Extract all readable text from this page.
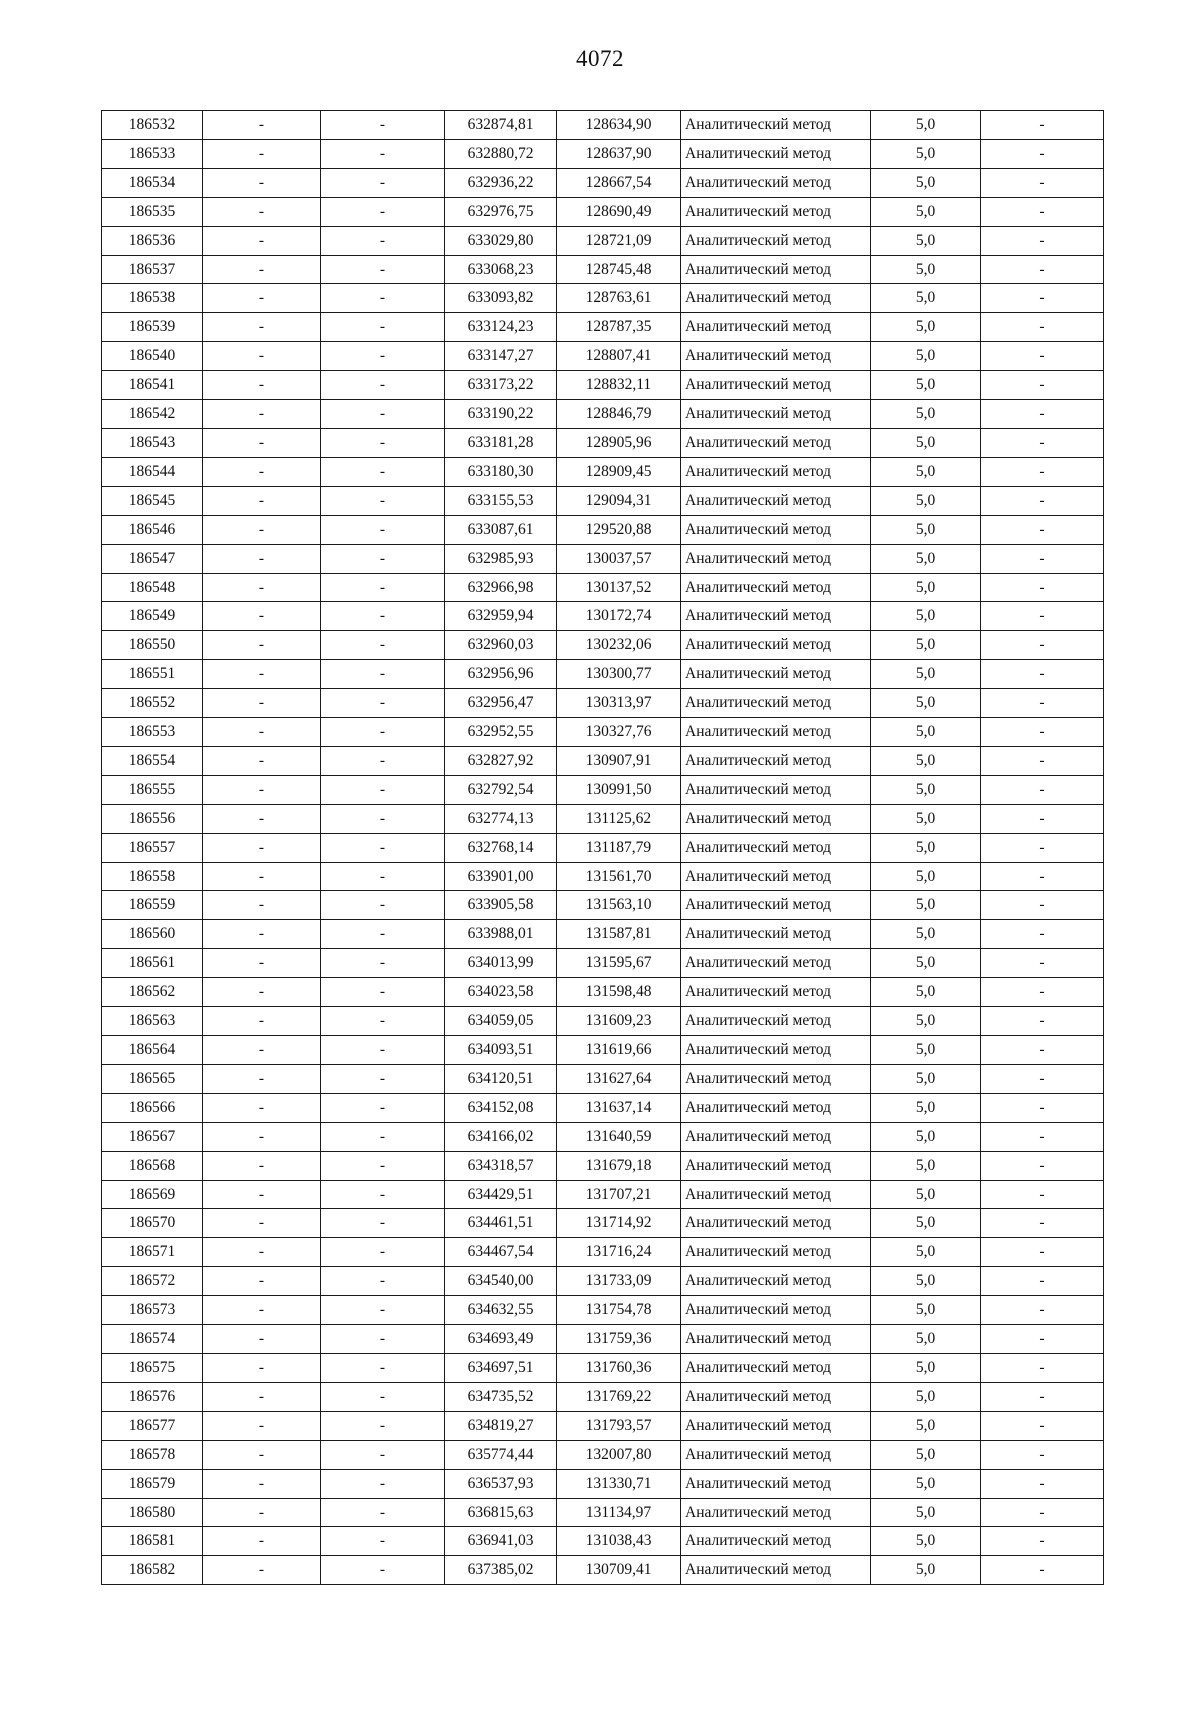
4072
186532	-	-	632874,81	128634,90	Аналитический метод	5,0	-
186533	-	-	632880,72	128637,90	Аналитический метод	5,0	-
186534	-	-	632936,22	128667,54	Аналитический метод	5,0	-
186535	-	-	632976,75	128690,49	Аналитический метод	5,0	-
186536	-	-	633029,80	128721,09	Аналитический метод	5,0	-
186537	-	-	633068,23	128745,48	Аналитический метод	5,0	-
186538	-	-	633093,82	128763,61	Аналитический метод	5,0	-
186539	-	-	633124,23	128787,35	Аналитический метод	5,0	-
186540	-	-	633147,27	128807,41	Аналитический метод	5,0	-
186541	-	-	633173,22	128832,11	Аналитический метод	5,0	-
186542	-	-	633190,22	128846,79	Аналитический метод	5,0	-
186543	-	-	633181,28	128905,96	Аналитический метод	5,0	-
186544	-	-	633180,30	128909,45	Аналитический метод	5,0	-
186545	-	-	633155,53	129094,31	Аналитический метод	5,0	-
186546	-	-	633087,61	129520,88	Аналитический метод	5,0	-
186547	-	-	632985,93	130037,57	Аналитический метод	5,0	-
186548	-	-	632966,98	130137,52	Аналитический метод	5,0	-
186549	-	-	632959,94	130172,74	Аналитический метод	5,0	-
186550	-	-	632960,03	130232,06	Аналитический метод	5,0	-
186551	-	-	632956,96	130300,77	Аналитический метод	5,0	-
186552	-	-	632956,47	130313,97	Аналитический метод	5,0	-
186553	-	-	632952,55	130327,76	Аналитический метод	5,0	-
186554	-	-	632827,92	130907,91	Аналитический метод	5,0	-
186555	-	-	632792,54	130991,50	Аналитический метод	5,0	-
186556	-	-	632774,13	131125,62	Аналитический метод	5,0	-
186557	-	-	632768,14	131187,79	Аналитический метод	5,0	-
186558	-	-	633901,00	131561,70	Аналитический метод	5,0	-
186559	-	-	633905,58	131563,10	Аналитический метод	5,0	-
186560	-	-	633988,01	131587,81	Аналитический метод	5,0	-
186561	-	-	634013,99	131595,67	Аналитический метод	5,0	-
186562	-	-	634023,58	131598,48	Аналитический метод	5,0	-
186563	-	-	634059,05	131609,23	Аналитический метод	5,0	-
186564	-	-	634093,51	131619,66	Аналитический метод	5,0	-
186565	-	-	634120,51	131627,64	Аналитический метод	5,0	-
186566	-	-	634152,08	131637,14	Аналитический метод	5,0	-
186567	-	-	634166,02	131640,59	Аналитический метод	5,0	-
186568	-	-	634318,57	131679,18	Аналитический метод	5,0	-
186569	-	-	634429,51	131707,21	Аналитический метод	5,0	-
186570	-	-	634461,51	131714,92	Аналитический метод	5,0	-
186571	-	-	634467,54	131716,24	Аналитический метод	5,0	-
186572	-	-	634540,00	131733,09	Аналитический метод	5,0	-
186573	-	-	634632,55	131754,78	Аналитический метод	5,0	-
186574	-	-	634693,49	131759,36	Аналитический метод	5,0	-
186575	-	-	634697,51	131760,36	Аналитический метод	5,0	-
186576	-	-	634735,52	131769,22	Аналитический метод	5,0	-
186577	-	-	634819,27	131793,57	Аналитический метод	5,0	-
186578	-	-	635774,44	132007,80	Аналитический метод	5,0	-
186579	-	-	636537,93	131330,71	Аналитический метод	5,0	-
186580	-	-	636815,63	131134,97	Аналитический метод	5,0	-
186581	-	-	636941,03	131038,43	Аналитический метод	5,0	-
186582	-	-	637385,02	130709,41	Аналитический метод	5,0	-
